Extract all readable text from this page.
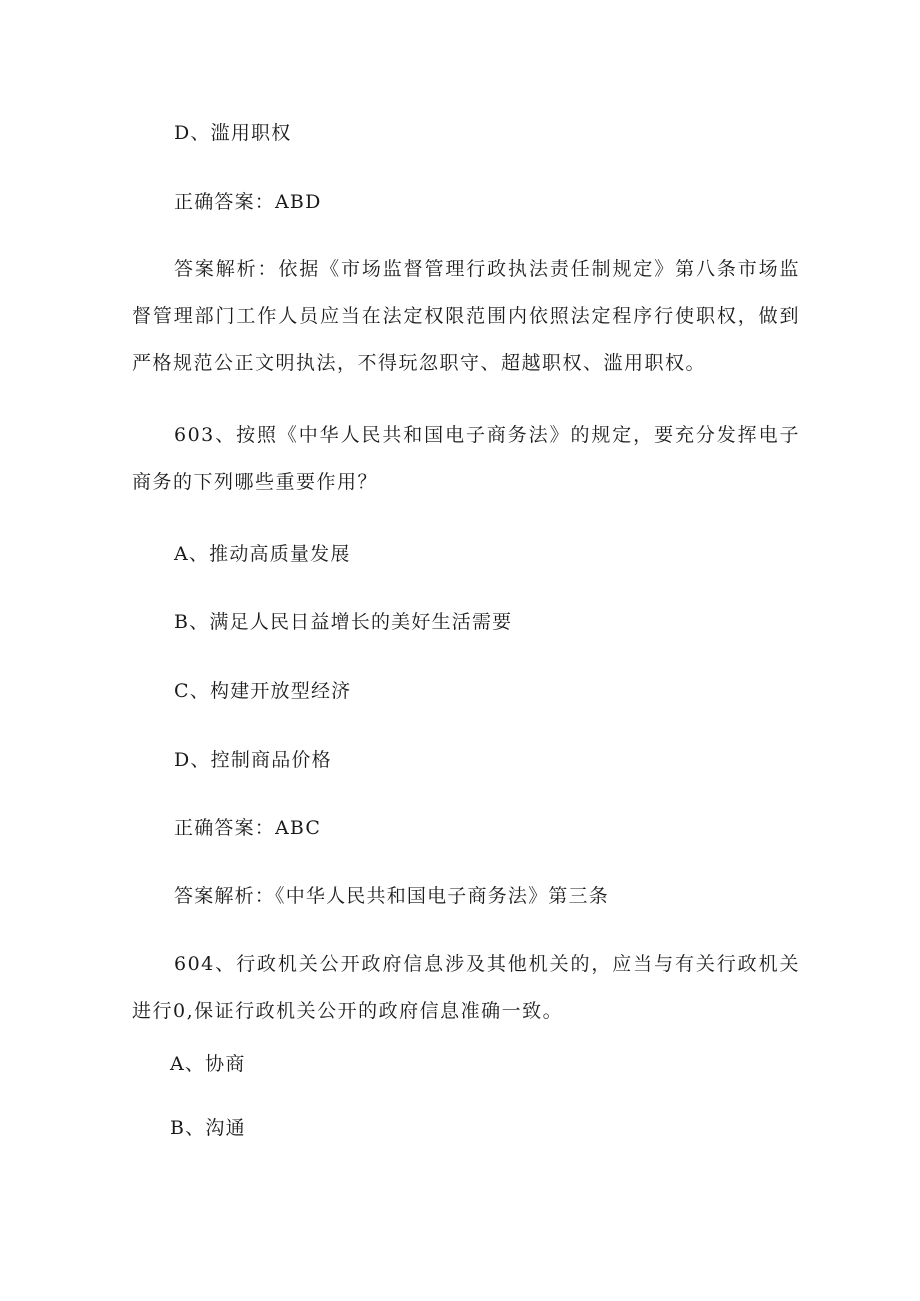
D、滥用职权
正确答案：ABD
答案解析：依据《市场监督管理行政执法责任制规定》第八条市场监督管理部门工作人员应当在法定权限范围内依照法定程序行使职权，做到严格规范公正文明执法，不得玩忽职守、超越职权、滥用职权。
603、按照《中华人民共和国电子商务法》的规定，要充分发挥电子商务的下列哪些重要作用？
A、推动高质量发展
B、满足人民日益增长的美好生活需要
C、构建开放型经济
D、控制商品价格
正确答案：ABC
答案解析：《中华人民共和国电子商务法》第三条
604、行政机关公开政府信息涉及其他机关的，应当与有关行政机关进行0,保证行政机关公开的政府信息准确一致。
A、协商
B、沟通
